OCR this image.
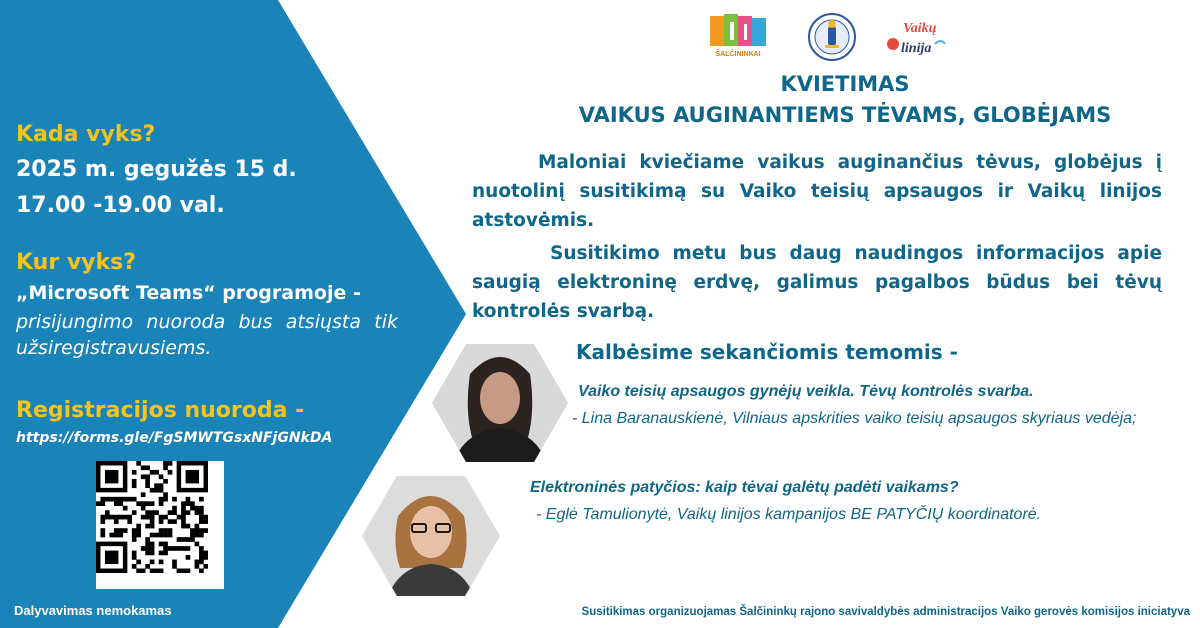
Kada vyks?
2025 m. gegužės 15 d.
17.00 -19.00 val.
Kur vyks?
„Microsoft Teams“ programoje -
prisijungimo nuoroda bus atsiųsta tik užsiregistravusiems.
Registracijos nuoroda -
https://forms.gle/FgSMWTGsxNFjGNkDA
Dalyvavimas nemokamas
ŠALČININKAI
Vaikų
linija
KVIETIMAS
VAIKUS AUGINANTIEMS TĖVAMS, GLOBĖJAMS
Maloniai kviečiame vaikus auginančius tėvus, globėjus į nuotolinį susitikimą su Vaiko teisių apsaugos ir Vaikų linijos atstovėmis.
Susitikimo metu bus daug naudingos informacijos apie saugią elektroninę erdvę, galimus pagalbos būdus bei tėvų kontrolės svarbą.
Kalbėsime sekančiomis temomis -
Vaiko teisių apsaugos gynėjų veikla. Tėvų kontrolės svarba.
- Lina Baranauskienė, Vilniaus apskrities vaiko teisių apsaugos skyriaus vedėja;
Elektroninės patyčios: kaip tėvai galėtų padėti vaikams?
- Eglė Tamulionytė, Vaikų linijos kampanijos BE PATYČIŲ koordinatorė.
Susitikimas organizuojamas Šalčininkų rajono savivaldybės administracijos Vaiko gerovės komisijos iniciatyva
